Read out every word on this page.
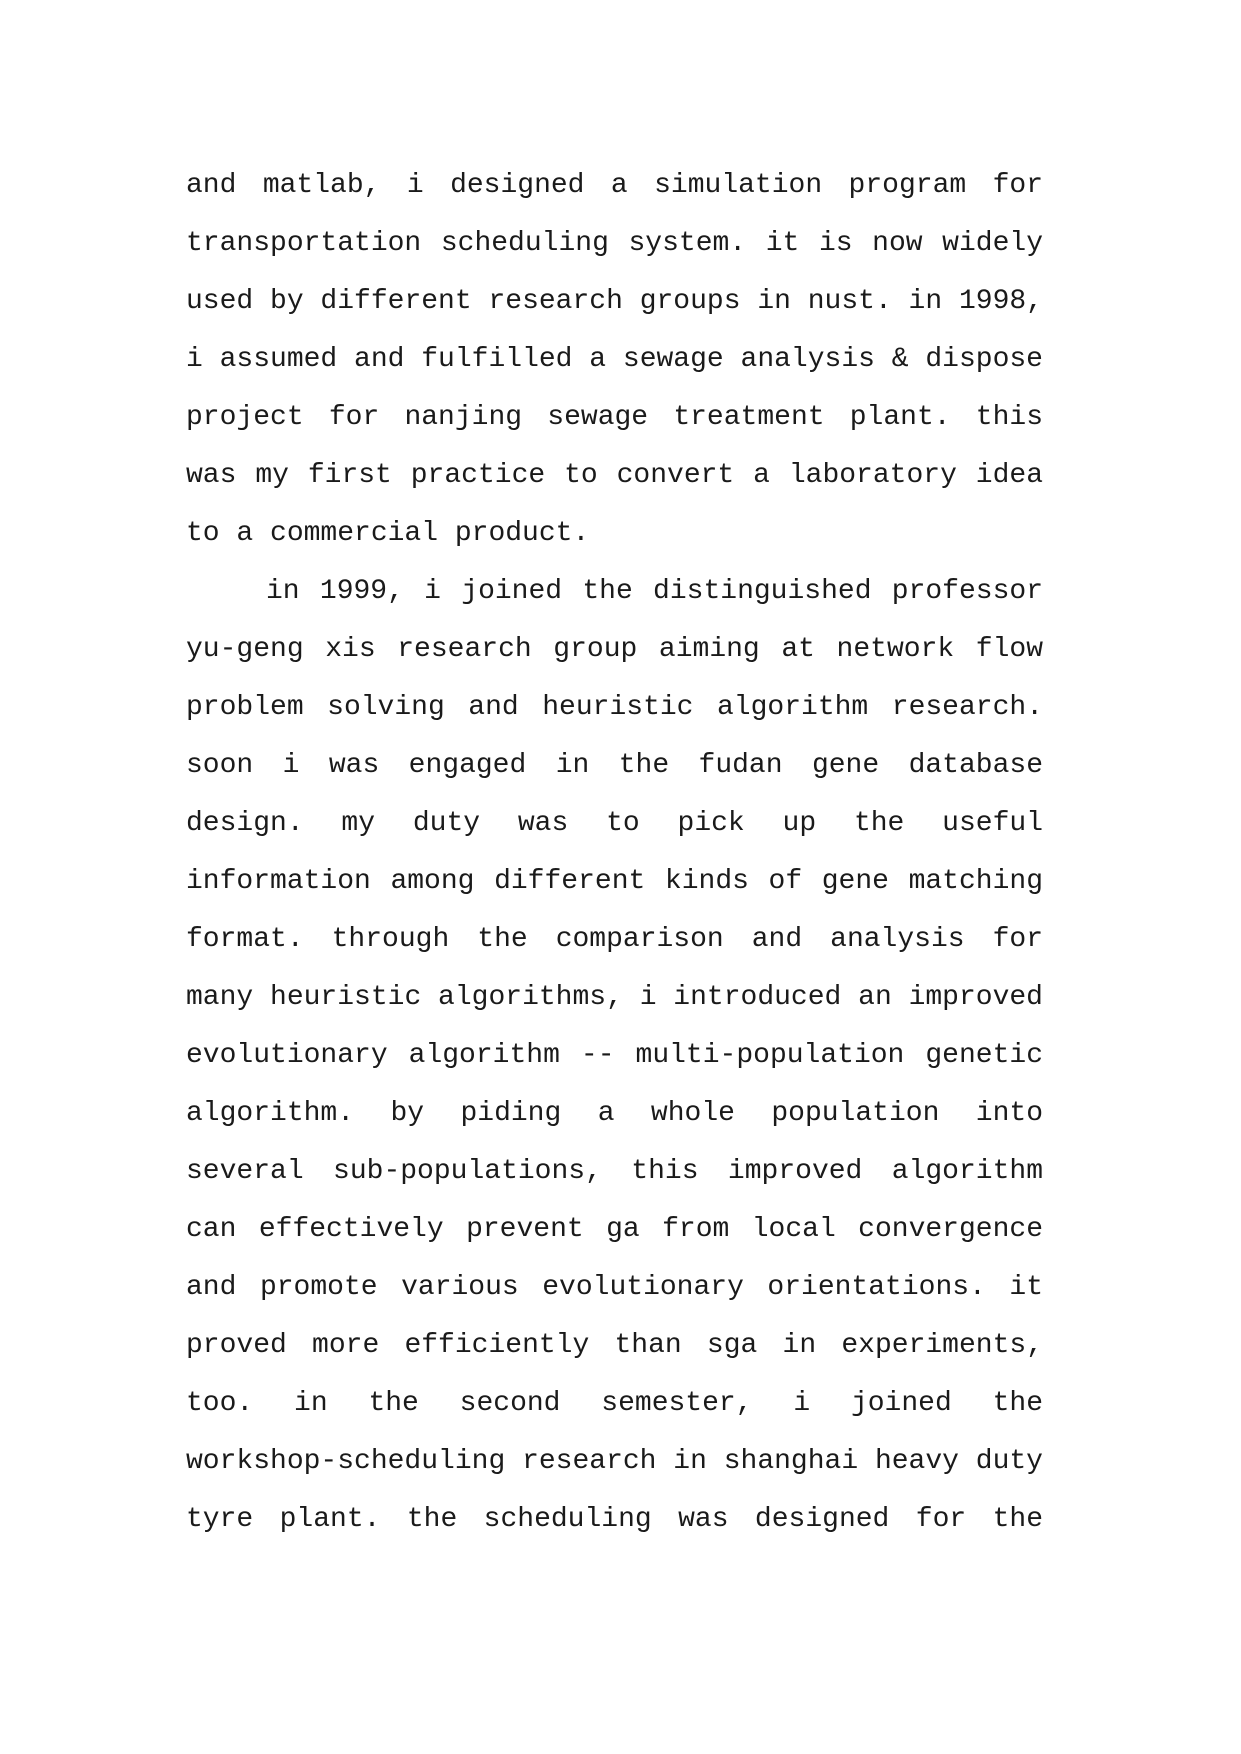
and matlab, i designed a simulation program for
transportation scheduling system. it is now widely
used by different research groups in nust. in 1998,
i assumed and fulfilled a sewage analysis & dispose
project for nanjing sewage treatment plant. this
was my first practice to convert a laboratory idea
to a commercial product.
in 1999, i joined the distinguished professor
yu-geng xis research group aiming at network flow
problem solving and heuristic algorithm research.
soon i was engaged in the fudan gene database
design. my duty was to pick up the useful
information among different kinds of gene matching
format. through the comparison and analysis for
many heuristic algorithms, i introduced an improved
evolutionary algorithm -- multi-population genetic
algorithm. by piding a whole population into
several sub-populations, this improved algorithm
can effectively prevent ga from local convergence
and promote various evolutionary orientations. it
proved more efficiently than sga in experiments,
too. in the second semester, i joined the
workshop-scheduling research in shanghai heavy duty
tyre plant. the scheduling was designed for the
